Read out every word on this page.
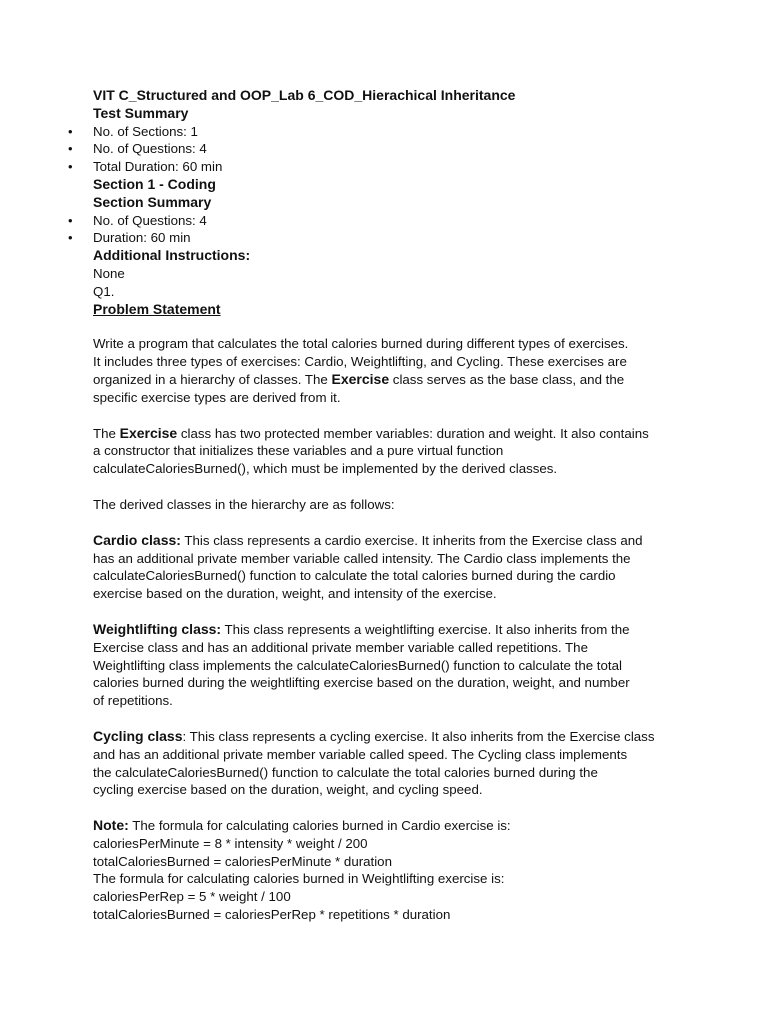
VIT C_Structured and OOP_Lab 6_COD_Hierachical Inheritance
Test Summary
• No. of Sections: 1
• No. of Questions: 4
• Total Duration: 60 min
Section 1 - Coding
Section Summary
• No. of Questions: 4
• Duration: 60 min
Additional Instructions:
None
Q1.
Problem Statement
Write a program that calculates the total calories burned during different types of exercises.
It includes three types of exercises: Cardio, Weightlifting, and Cycling. These exercises are
organized in a hierarchy of classes. The Exercise class serves as the base class, and the
specific exercise types are derived from it.
The Exercise class has two protected member variables: duration and weight. It also contains
a constructor that initializes these variables and a pure virtual function
calculateCaloriesBurned(), which must be implemented by the derived classes.
The derived classes in the hierarchy are as follows:
Cardio class: This class represents a cardio exercise. It inherits from the Exercise class and
has an additional private member variable called intensity. The Cardio class implements the
calculateCaloriesBurned() function to calculate the total calories burned during the cardio
exercise based on the duration, weight, and intensity of the exercise.
Weightlifting class: This class represents a weightlifting exercise. It also inherits from the
Exercise class and has an additional private member variable called repetitions. The
Weightlifting class implements the calculateCaloriesBurned() function to calculate the total
calories burned during the weightlifting exercise based on the duration, weight, and number
of repetitions.
Cycling class: This class represents a cycling exercise. It also inherits from the Exercise class
and has an additional private member variable called speed. The Cycling class implements
the calculateCaloriesBurned() function to calculate the total calories burned during the
cycling exercise based on the duration, weight, and cycling speed.
Note: The formula for calculating calories burned in Cardio exercise is:
caloriesPerMinute = 8 * intensity * weight / 200
totalCaloriesBurned = caloriesPerMinute * duration
The formula for calculating calories burned in Weightlifting exercise is:
caloriesPerRep = 5 * weight / 100
totalCaloriesBurned = caloriesPerRep * repetitions * duration
